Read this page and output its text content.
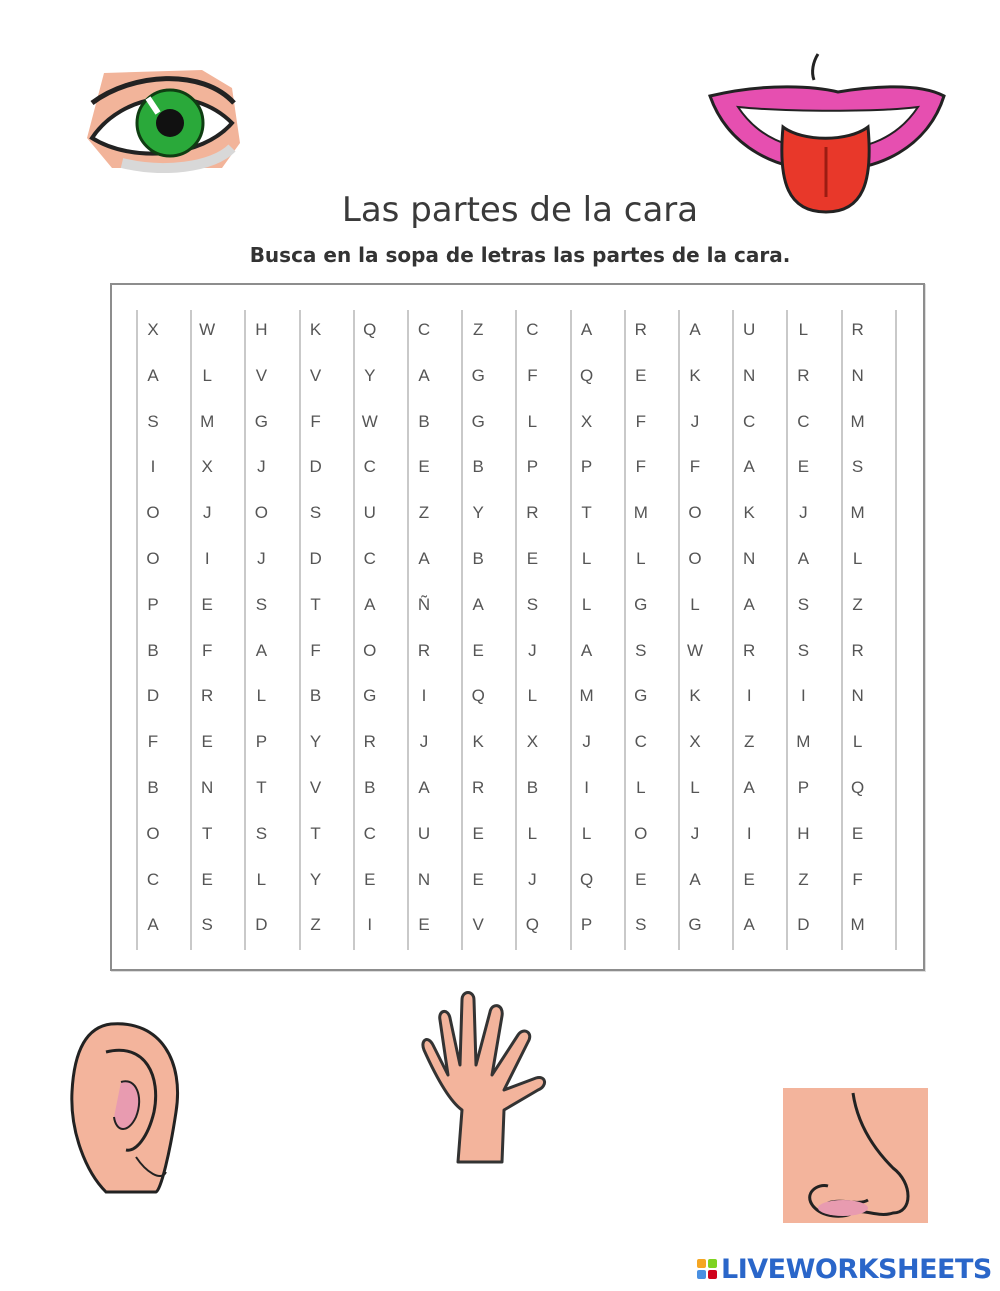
Las partes de la cara
Busca en la sopa de letras las partes de la cara.
X	W	H	K	Q	C	Z	C	A	R	A	U	L	R
A	L	V	V	Y	A	G	F	Q	E	K	N	R	N
S	M	G	F	W	B	G	L	X	F	J	C	C	M
I	X	J	D	C	E	B	P	P	F	F	A	E	S
O	J	O	S	U	Z	Y	R	T	M	O	K	J	M
O	I	J	D	C	A	B	E	L	L	O	N	A	L
P	E	S	T	A	Ñ	A	S	L	G	L	A	S	Z
B	F	A	F	O	R	E	J	A	S	W	R	S	R
D	R	L	B	G	I	Q	L	M	G	K	I	I	N
F	E	P	Y	R	J	K	X	J	C	X	Z	M	L
B	N	T	V	B	A	R	B	I	L	L	A	P	Q
O	T	S	T	C	U	E	L	L	O	J	I	H	E
C	E	L	Y	E	N	E	J	Q	E	A	E	Z	F
A	S	D	Z	I	E	V	Q	P	S	G	A	D	M
LIVEWORKSHEETS
